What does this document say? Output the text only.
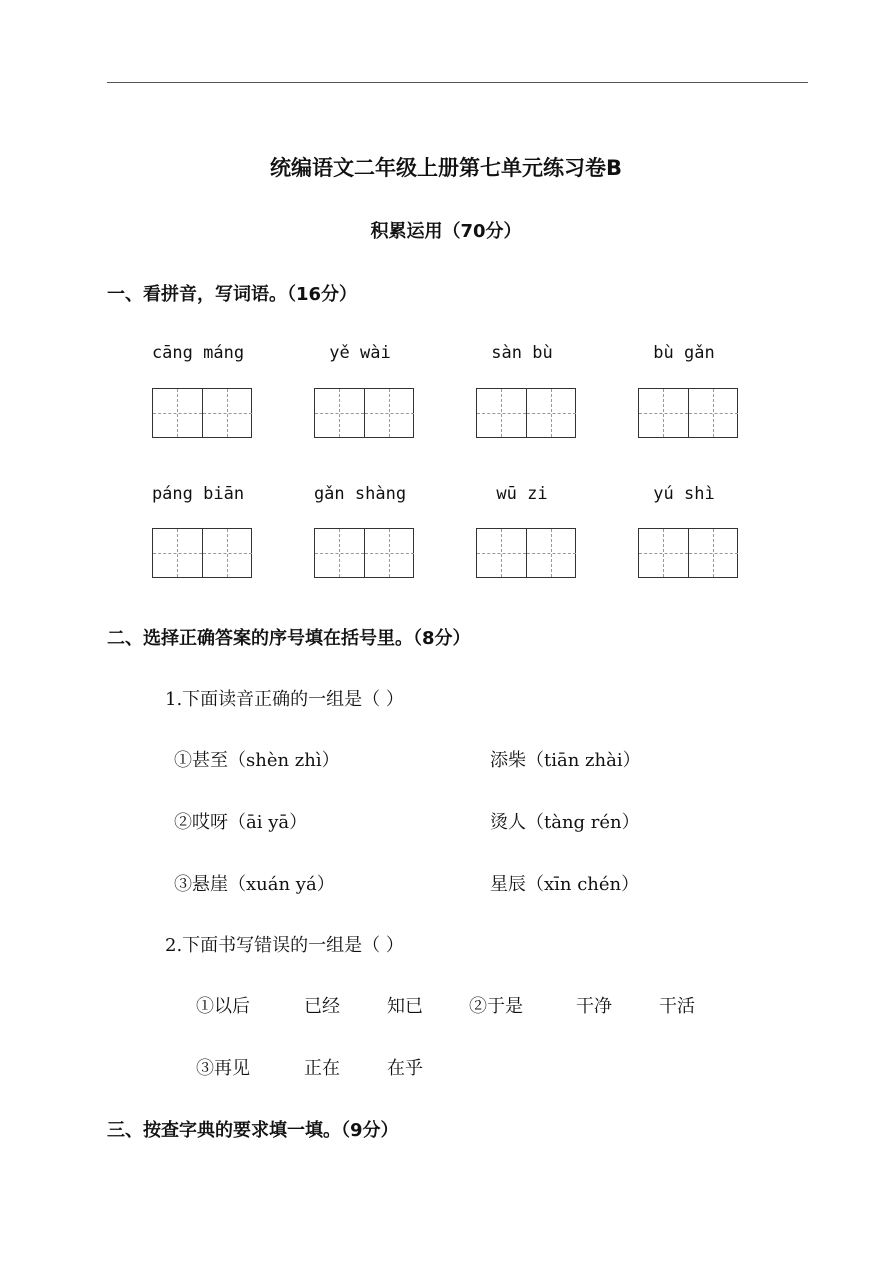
统编语文二年级上册第七单元练习卷B
积累运用（70分）
一、看拼音，写词语。（16分）
cāng máng	yě wài	sàn bù	bù gǎn
páng biān	gǎn shàng	wū zi	yú shì
二、选择正确答案的序号填在括号里。（8分）
1.下面读音正确的一组是（ ）
①甚至（shèn zhì）	添柴（tiān zhài）
②哎呀（āi yā）	烫人（tàng rén）
③悬崖（xuán yá）	星辰（xīn chén）
2.下面书写错误的一组是（ ）
①以后	已经	知已	②于是	干净	干活
③再见	正在	在乎
三、按查字典的要求填一填。（9分）
